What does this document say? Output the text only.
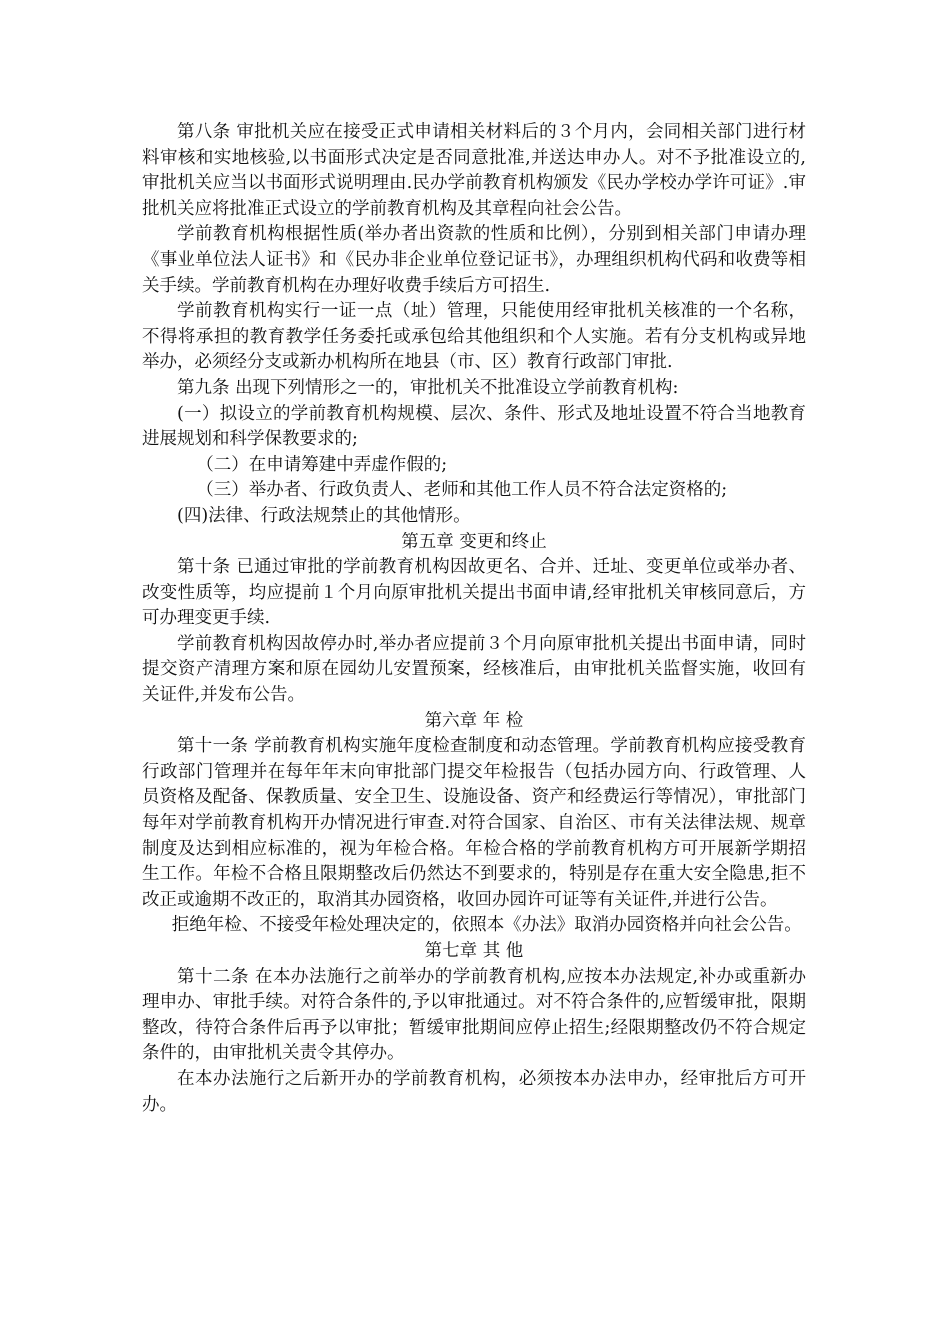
第八条 审批机关应在接受正式申请相关材料后的３个月内，会同相关部门进行材料审核和实地核验,以书面形式决定是否同意批准,并送达申办人。对不予批准设立的,审批机关应当以书面形式说明理由.民办学前教育机构颁发《民办学校办学许可证》.审批机关应将批准正式设立的学前教育机构及其章程向社会公告。

学前教育机构根据性质(举办者出资款的性质和比例），分别到相关部门申请办理《事业单位法人证书》和《民办非企业单位登记证书》，办理组织机构代码和收费等相关手续。学前教育机构在办理好收费手续后方可招生.

学前教育机构实行一证一点（址）管理，只能使用经审批机关核准的一个名称，不得将承担的教育教学任务委托或承包给其他组织和个人实施。若有分支机构或异地举办，必须经分支或新办机构所在地县（市、区）教育行政部门审批.

第九条 出现下列情形之一的，审批机关不批准设立学前教育机构:

(一）拟设立的学前教育机构规模、层次、条件、形式及地址设置不符合当地教育进展规划和科学保教要求的;

（二）在申请筹建中弄虚作假的;

（三）举办者、行政负责人、老师和其他工作人员不符合法定资格的;

(四)法律、行政法规禁止的其他情形。

第五章 变更和终止

第十条 已通过审批的学前教育机构因故更名、合并、迁址、变更单位或举办者、改变性质等，均应提前１个月向原审批机关提出书面申请,经审批机关审核同意后，方可办理变更手续.

学前教育机构因故停办时,举办者应提前３个月向原审批机关提出书面申请，同时提交资产清理方案和原在园幼儿安置预案，经核准后，由审批机关监督实施，收回有关证件,并发布公告。

第六章 年 检

第十一条 学前教育机构实施年度检查制度和动态管理。学前教育机构应接受教育行政部门管理并在每年年末向审批部门提交年检报告（包括办园方向、行政管理、人员资格及配备、保教质量、安全卫生、设施设备、资产和经费运行等情况），审批部门每年对学前教育机构开办情况进行审查.对符合国家、自治区、市有关法律法规、规章制度及达到相应标准的，视为年检合格。年检合格的学前教育机构方可开展新学期招生工作。年检不合格且限期整改后仍然达不到要求的，特别是存在重大安全隐患,拒不改正或逾期不改正的，取消其办园资格，收回办园许可证等有关证件,并进行公告。

拒绝年检、不接受年检处理决定的，依照本《办法》取消办园资格并向社会公告。

第七章 其 他

第十二条 在本办法施行之前举办的学前教育机构,应按本办法规定,补办或重新办理申办、审批手续。对符合条件的,予以审批通过。对不符合条件的,应暂缓审批，限期整改，待符合条件后再予以审批；暂缓审批期间应停止招生;经限期整改仍不符合规定条件的，由审批机关责令其停办。

在本办法施行之后新开办的学前教育机构，必须按本办法申办，经审批后方可开办。
